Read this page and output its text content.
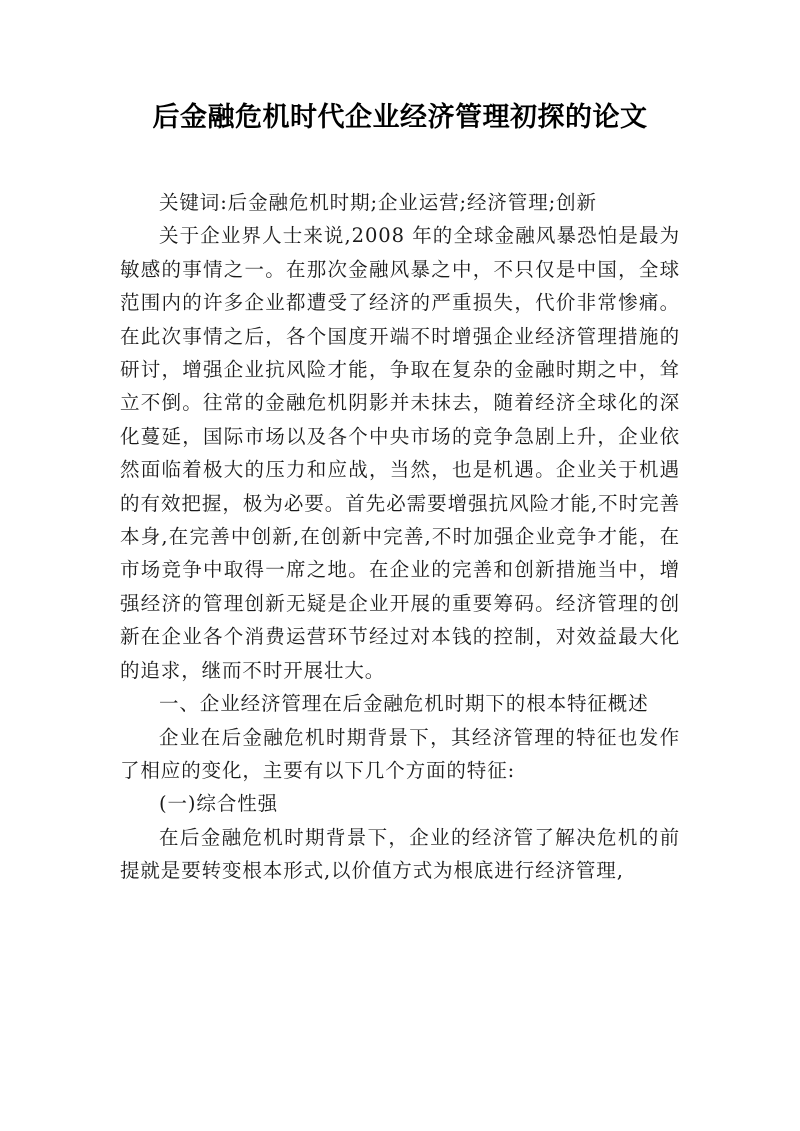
后金融危机时代企业经济管理初探的论文

关键词:后金融危机时期;企业运营;经济管理;创新

关于企业界人士来说,2008 年的全球金融风暴恐怕是最为敏感的事情之一。在那次金融风暴之中，不只仅是中国，全球范围内的许多企业都遭受了经济的严重损失，代价非常惨痛。在此次事情之后，各个国度开端不时增强企业经济管理措施的研讨，增强企业抗风险才能，争取在复杂的金融时期之中，耸立不倒。往常的金融危机阴影并未抹去，随着经济全球化的深化蔓延，国际市场以及各个中央市场的竞争急剧上升，企业依然面临着极大的压力和应战，当然，也是机遇。企业关于机遇的有效把握，极为必要。首先必需要增强抗风险才能,不时完善本身,在完善中创新,在创新中完善,不时加强企业竞争才能，在市场竞争中取得一席之地。在企业的完善和创新措施当中，增强经济的管理创新无疑是企业开展的重要筹码。经济管理的创新在企业各个消费运营环节经过对本钱的控制，对效益最大化的追求，继而不时开展壮大。

一、企业经济管理在后金融危机时期下的根本特征概述

企业在后金融危机时期背景下，其经济管理的特征也发作了相应的变化，主要有以下几个方面的特征:

(一)综合性强

在后金融危机时期背景下，企业的经济管了解决危机的前提就是要转变根本形式,以价值方式为根底进行经济管理,
